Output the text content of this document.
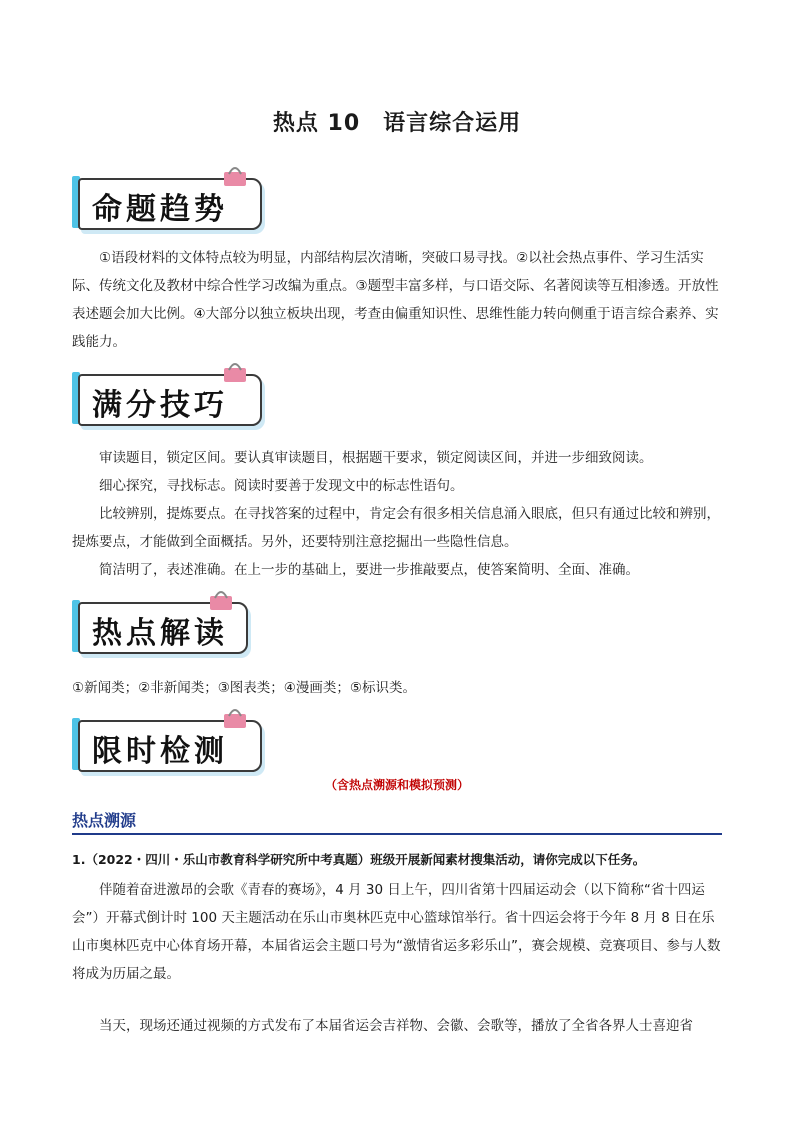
热点 10　语言综合运用
命题趋势

①语段材料的文体特点较为明显，内部结构层次清晰，突破口易寻找。②以社会热点事件、学习生活实际、传统文化及教材中综合性学习改编为重点。③题型丰富多样，与口语交际、名著阅读等互相渗透。开放性表述题会加大比例。④大部分以独立板块出现，考查由偏重知识性、思维性能力转向侧重于语言综合素养、实践能力。

满分技巧

审读题目，锁定区间。要认真审读题目，根据题干要求，锁定阅读区间，并进一步细致阅读。

细心探究，寻找标志。阅读时要善于发现文中的标志性语句。

比较辨别，提炼要点。在寻找答案的过程中，肯定会有很多相关信息涌入眼底，但只有通过比较和辨别，提炼要点，才能做到全面概括。另外，还要特别注意挖掘出一些隐性信息。

简洁明了，表述准确。在上一步的基础上，要进一步推敲要点，使答案简明、全面、准确。

热点解读

①新闻类；②非新闻类；③图表类；④漫画类；⑤标识类。

限时检测
（含热点溯源和模拟预测）
热点溯源
1.（2022・四川・乐山市教育科学研究所中考真题）班级开展新闻素材搜集活动，请你完成以下任务。

伴随着奋进激昂的会歌《青春的赛场》，4 月 30 日上午，四川省第十四届运动会（以下简称“省十四运会”）开幕式倒计时 100 天主题活动在乐山市奥林匹克中心篮球馆举行。省十四运会将于今年 8 月 8 日在乐山市奥林匹克中心体育场开幕，本届省运会主题口号为“激情省运多彩乐山”，赛会规模、竞赛项目、参与人数将成为历届之最。

当天，现场还通过视频的方式发布了本届省运会吉祥物、会徽、会歌等，播放了全省各界人士喜迎省
